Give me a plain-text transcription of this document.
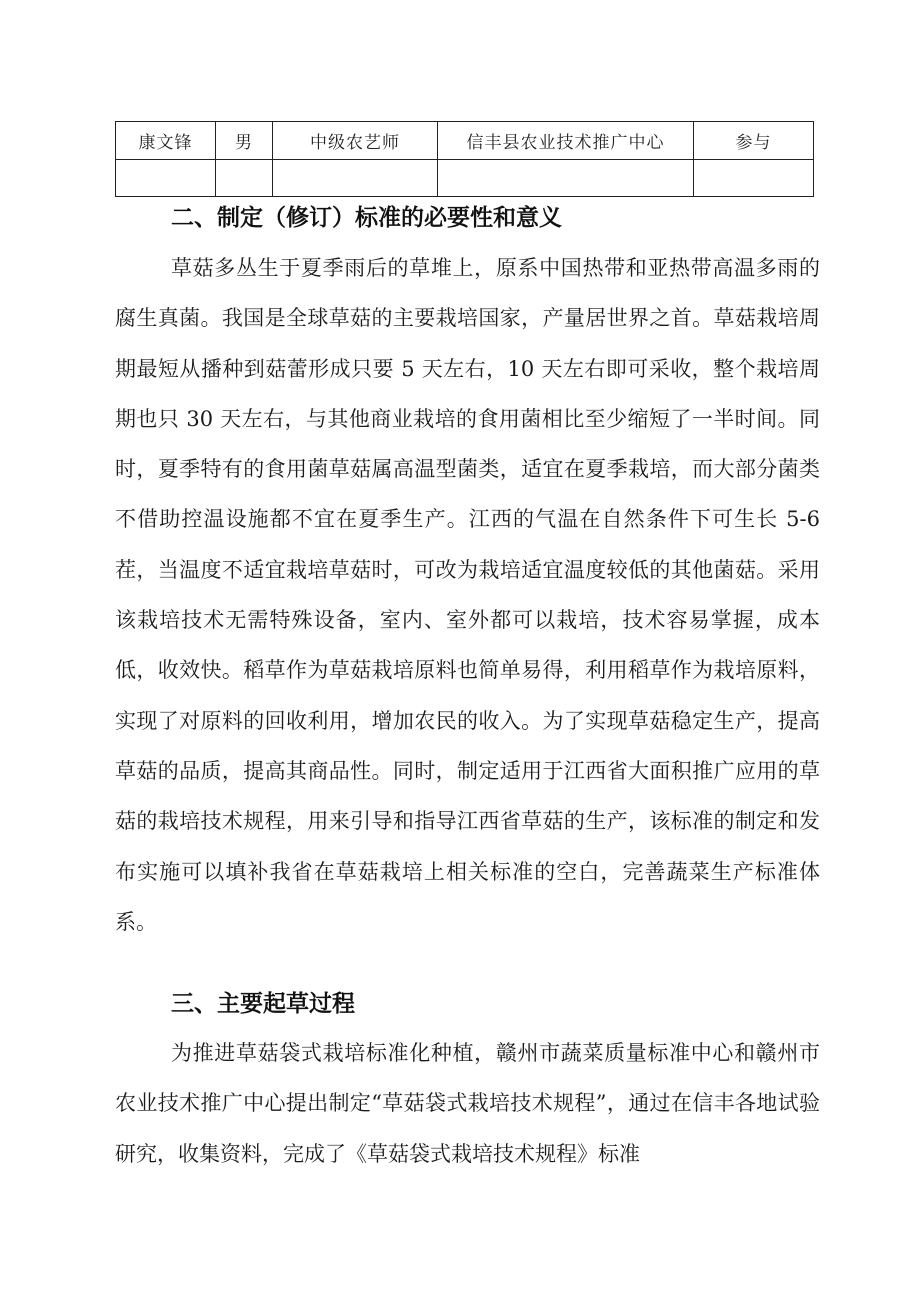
康文锋	男	中级农艺师	信丰县农业技术推广中心	参与

二、制定（修订）标准的必要性和意义

草菇多丛生于夏季雨后的草堆上，原系中国热带和亚热带高温多雨的腐生真菌。我国是全球草菇的主要栽培国家，产量居世界之首。草菇栽培周期最短从播种到菇蕾形成只要 5 天左右，10 天左右即可采收，整个栽培周期也只 30 天左右，与其他商业栽培的食用菌相比至少缩短了一半时间。同时，夏季特有的食用菌草菇属高温型菌类，适宜在夏季栽培，而大部分菌类不借助控温设施都不宜在夏季生产。江西的气温在自然条件下可生长 5-6 茬，当温度不适宜栽培草菇时，可改为栽培适宜温度较低的其他菌菇。采用该栽培技术无需特殊设备，室内、室外都可以栽培，技术容易掌握，成本低，收效快。稻草作为草菇栽培原料也简单易得，利用稻草作为栽培原料，实现了对原料的回收利用，增加农民的收入。为了实现草菇稳定生产，提高草菇的品质，提高其商品性。同时，制定适用于江西省大面积推广应用的草菇的栽培技术规程，用来引导和指导江西省草菇的生产，该标准的制定和发布实施可以填补我省在草菇栽培上相关标准的空白，完善蔬菜生产标准体系。

三、主要起草过程

为推进草菇袋式栽培标准化种植，赣州市蔬菜质量标准中心和赣州市农业技术推广中心提出制定“草菇袋式栽培技术规程”，通过在信丰各地试验研究，收集资料，完成了《草菇袋式栽培技术规程》标准
